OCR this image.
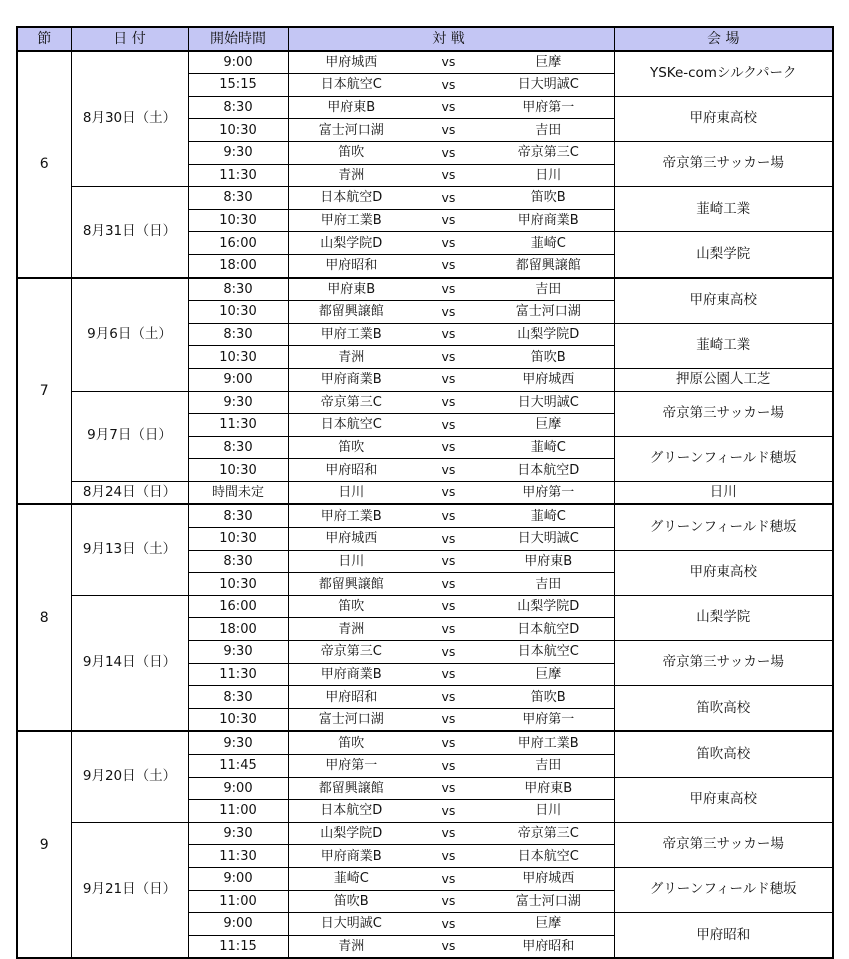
節	日 付	開始時間		対 戦		会 場
6	8月30日（土）	9:00	甲府城西	vs	巨摩	YSKe-comシルクパーク
		15:15	日本航空C	vs	日大明誠C	
		8:30	甲府東B	vs	甲府第一	甲府東高校
		10:30	富士河口湖	vs	吉田	
		9:30	笛吹	vs	帝京第三C	帝京第三サッカー場
		11:30	青洲	vs	日川	
	8月31日（日）	8:30	日本航空D	vs	笛吹B	韮崎工業
		10:30	甲府工業B	vs	甲府商業B	
		16:00	山梨学院D	vs	韮崎C	山梨学院
		18:00	甲府昭和	vs	都留興譲館	
7	9月6日（土）	8:30	甲府東B	vs	吉田	甲府東高校
		10:30	都留興譲館	vs	富士河口湖	
		8:30	甲府工業B	vs	山梨学院D	韮崎工業
		10:30	青洲	vs	笛吹B	
		9:00	甲府商業B	vs	甲府城西	押原公園人工芝
	9月7日（日）	9:30	帝京第三C	vs	日大明誠C	帝京第三サッカー場
		11:30	日本航空C	vs	巨摩	
		8:30	笛吹	vs	韮崎C	グリーンフィールド穂坂
		10:30	甲府昭和	vs	日本航空D	
	8月24日（日）	時間未定	日川	vs	甲府第一	日川
8	9月13日（土）	8:30	甲府工業B	vs	韮崎C	グリーンフィールド穂坂
		10:30	甲府城西	vs	日大明誠C	
		8:30	日川	vs	甲府東B	甲府東高校
		10:30	都留興譲館	vs	吉田	
	9月14日（日）	16:00	笛吹	vs	山梨学院D	山梨学院
		18:00	青洲	vs	日本航空D	
		9:30	帝京第三C	vs	日本航空C	帝京第三サッカー場
		11:30	甲府商業B	vs	巨摩	
		8:30	甲府昭和	vs	笛吹B	笛吹高校
		10:30	富士河口湖	vs	甲府第一	
9	9月20日（土）	9:30	笛吹	vs	甲府工業B	笛吹高校
		11:45	甲府第一	vs	吉田	
		9:00	都留興譲館	vs	甲府東B	甲府東高校
		11:00	日本航空D	vs	日川	
	9月21日（日）	9:30	山梨学院D	vs	帝京第三C	帝京第三サッカー場
		11:30	甲府商業B	vs	日本航空C	
		9:00	韮崎C	vs	甲府城西	グリーンフィールド穂坂
		11:00	笛吹B	vs	富士河口湖	
		9:00	日大明誠C	vs	巨摩	甲府昭和
		11:15	青洲	vs	甲府昭和	
